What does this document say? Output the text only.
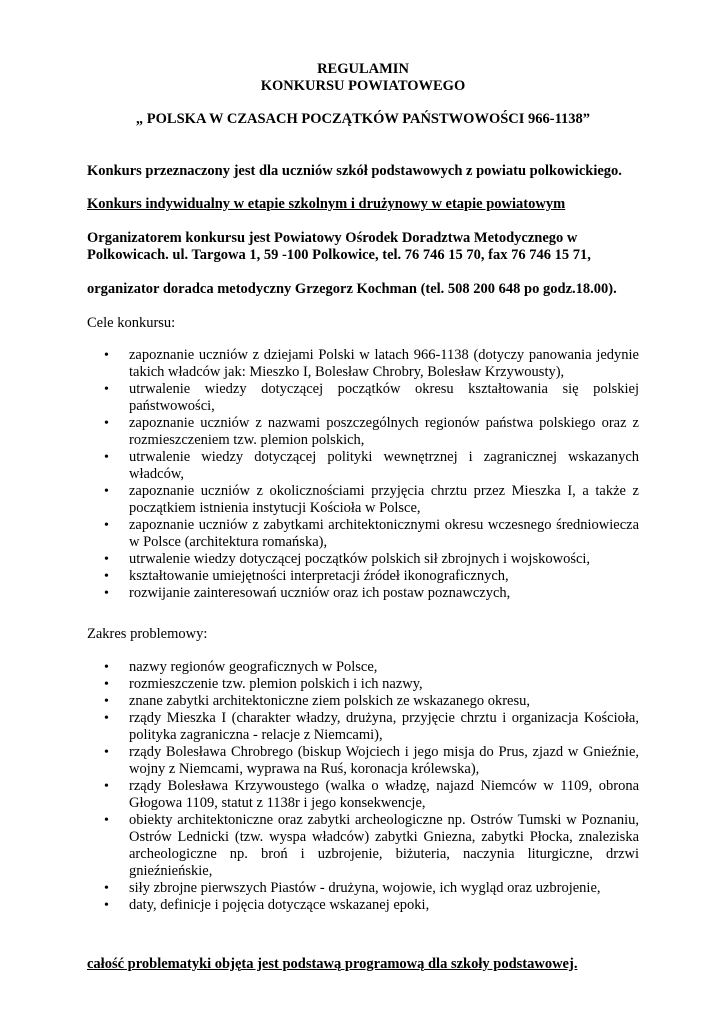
REGULAMIN
KONKURSU POWIATOWEGO
„ POLSKA W CZASACH POCZĄTKÓW PAŃSTWOWOŚCI 966-1138”
Konkurs przeznaczony jest dla uczniów szkół podstawowych z powiatu polkowickiego.
Konkurs indywidualny w etapie szkolnym i drużynowy w etapie powiatowym
Organizatorem konkursu jest Powiatowy Ośrodek Doradztwa Metodycznego w
Polkowicach. ul. Targowa 1, 59 -100 Polkowice, tel. 76 746 15 70, fax 76 746 15 71,
organizator doradca metodyczny Grzegorz Kochman (tel. 508 200 648 po godz.18.00).
Cele konkursu:
• zapoznanie uczniów z dziejami Polski w latach 966-1138 (dotyczy panowania jedynie takich władców jak: Mieszko I, Bolesław Chrobry, Bolesław Krzywousty),
• utrwalenie wiedzy dotyczącej początków okresu kształtowania się polskiej państwowości,
• zapoznanie uczniów z nazwami poszczególnych regionów państwa polskiego oraz z rozmieszczeniem tzw. plemion polskich,
• utrwalenie wiedzy dotyczącej polityki wewnętrznej i zagranicznej wskazanych władców,
• zapoznanie uczniów z okolicznościami przyjęcia chrztu przez Mieszka I, a także z początkiem istnienia instytucji Kościoła w Polsce,
• zapoznanie uczniów z zabytkami architektonicznymi okresu wczesnego średniowiecza w Polsce (architektura romańska),
• utrwalenie wiedzy dotyczącej początków polskich sił zbrojnych i wojskowości,
• kształtowanie umiejętności interpretacji źródeł ikonograficznych,
• rozwijanie zainteresowań uczniów oraz ich postaw poznawczych,
Zakres problemowy:
• nazwy regionów geograficznych w Polsce,
• rozmieszczenie tzw. plemion polskich i ich nazwy,
• znane zabytki architektoniczne ziem polskich ze wskazanego okresu,
• rządy Mieszka I (charakter władzy, drużyna, przyjęcie chrztu i organizacja Kościoła, polityka zagraniczna - relacje z Niemcami),
• rządy Bolesława Chrobrego (biskup Wojciech i jego misja do Prus, zjazd w Gnieźnie, wojny z Niemcami, wyprawa na Ruś, koronacja królewska),
• rządy Bolesława Krzywoustego (walka o władzę, najazd Niemców w 1109, obrona Głogowa 1109, statut z 1138r i jego konsekwencje,
• obiekty architektoniczne oraz zabytki archeologiczne np. Ostrów Tumski w Poznaniu, Ostrów Lednicki (tzw. wyspa władców) zabytki Gniezna, zabytki Płocka, znaleziska archeologiczne np. broń i uzbrojenie, biżuteria, naczynia liturgiczne, drzwi gnieźnieńskie,
• siły zbrojne pierwszych Piastów - drużyna, wojowie, ich wygląd oraz uzbrojenie,
• daty, definicje i pojęcia dotyczące wskazanej epoki,
całość problematyki objęta jest podstawą programową dla szkoły podstawowej.
